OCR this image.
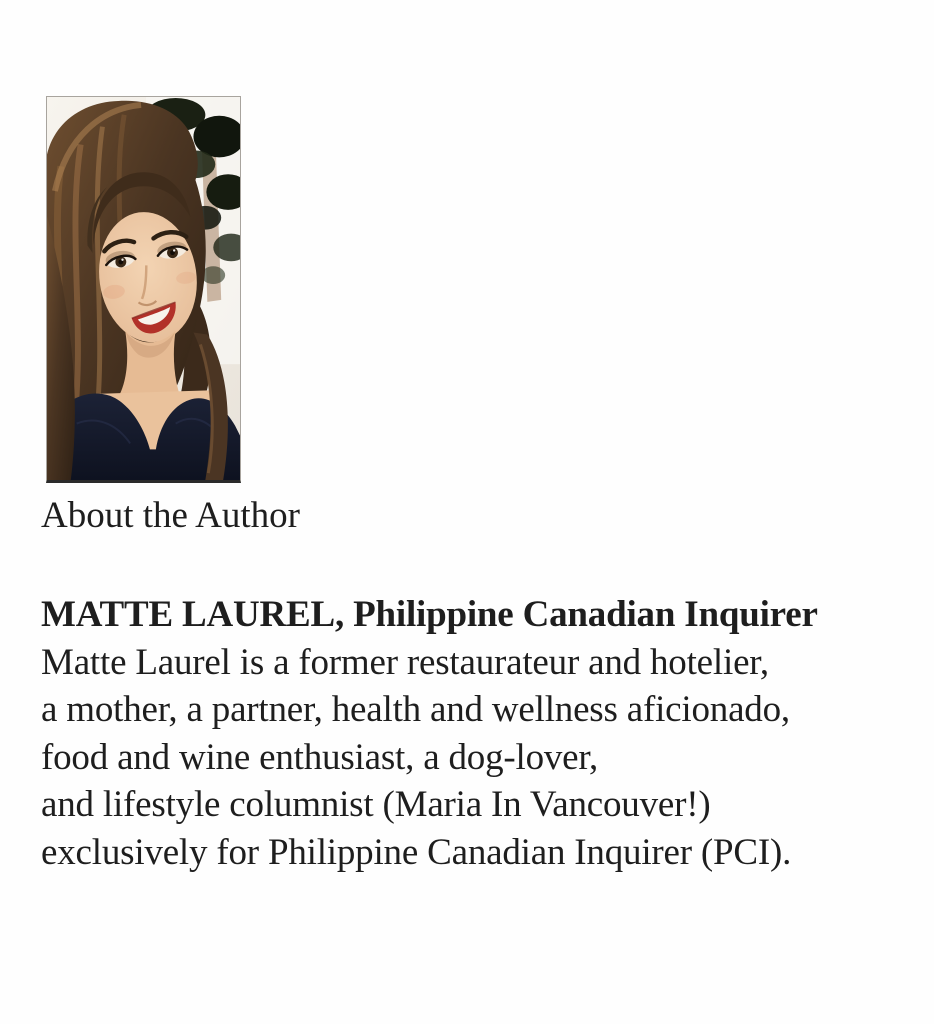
About the Author

MATTE LAUREL, Philippine Canadian Inquirer

Matte Laurel is a former restaurateur and hotelier,

a mother, a partner, health and wellness aficionado,

food and wine enthusiast, a dog-lover,

and lifestyle columnist (Maria In Vancouver!)

exclusively for Philippine Canadian Inquirer (PCI).
